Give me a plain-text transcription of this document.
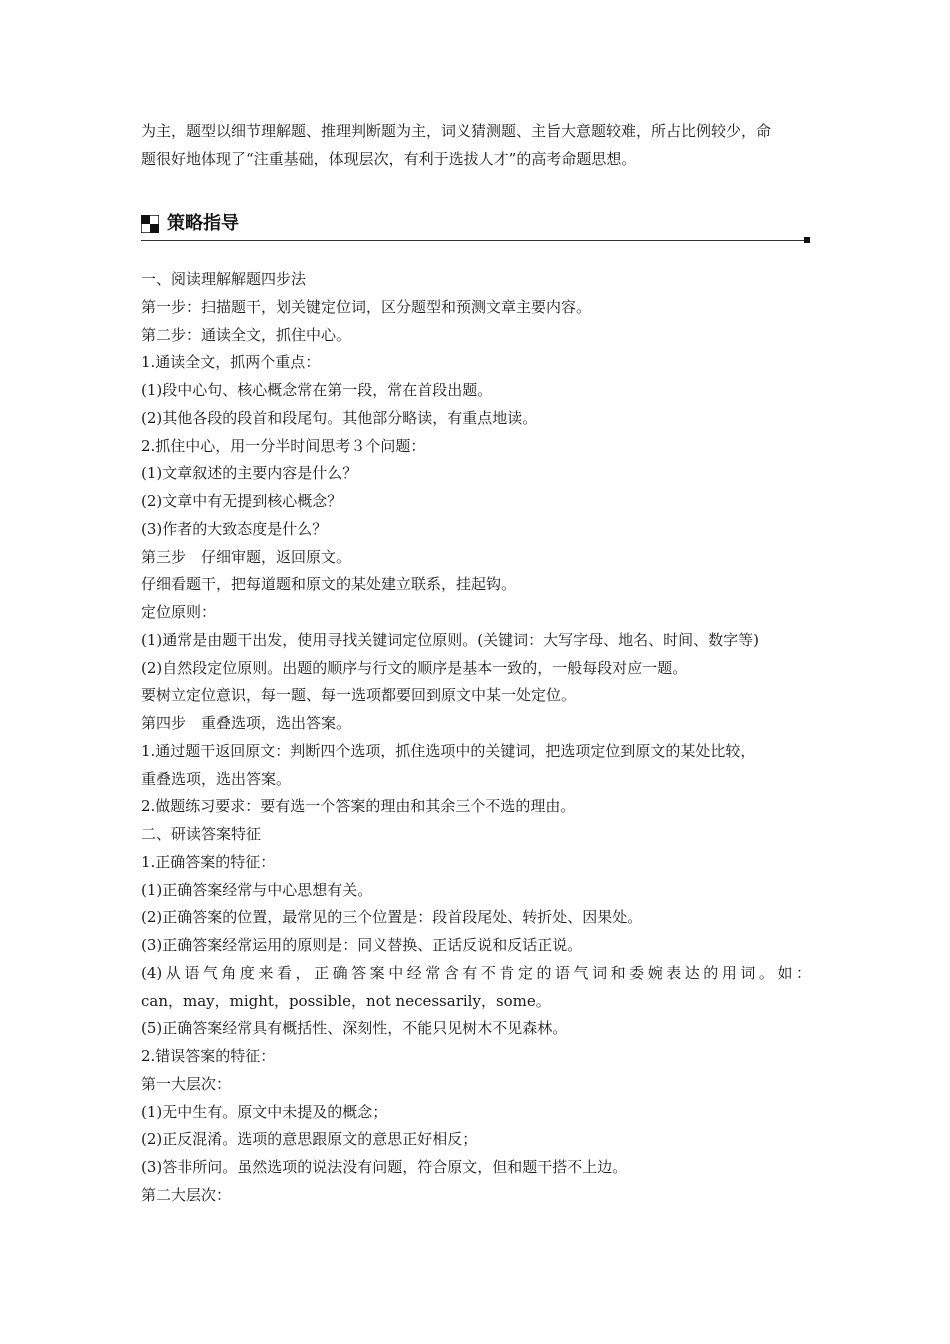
为主，题型以细节理解题、推理判断题为主，词义猜测题、主旨大意题较难，所占比例较少，命

题很好地体现了“注重基础，体现层次，有利于选拔人才”的高考命题思想。

策略指导

一、阅读理解解题四步法

第一步：扫描题干，划关键定位词，区分题型和预测文章主要内容。

第二步：通读全文，抓住中心。

1.通读全文，抓两个重点：

(1)段中心句、核心概念常在第一段，常在首段出题。

(2)其他各段的段首和段尾句。其他部分略读，有重点地读。

2.抓住中心，用一分半时间思考３个问题：

(1)文章叙述的主要内容是什么？

(2)文章中有无提到核心概念？

(3)作者的大致态度是什么？

第三步　仔细审题，返回原文。

仔细看题干，把每道题和原文的某处建立联系，挂起钩。

定位原则：

(1)通常是由题干出发，使用寻找关键词定位原则。(关键词：大写字母、地名、时间、数字等)

(2)自然段定位原则。出题的顺序与行文的顺序是基本一致的，一般每段对应一题。

要树立定位意识，每一题、每一选项都要回到原文中某一处定位。

第四步　重叠选项，选出答案。

1.通过题干返回原文：判断四个选项，抓住选项中的关键词，把选项定位到原文的某处比较，

重叠选项，选出答案。

2.做题练习要求：要有选一个答案的理由和其余三个不选的理由。

二、研读答案特征

1.正确答案的特征：

(1)正确答案经常与中心思想有关。

(2)正确答案的位置，最常见的三个位置是：段首段尾处、转折处、因果处。

(3)正确答案经常运用的原则是：同义替换、正话反说和反话正说。

(4)从语气角度来看，正确答案中经常含有不肯定的语气词和委婉表达的用词。如：

can，may，might，possible，not necessarily，some。

(5)正确答案经常具有概括性、深刻性，不能只见树木不见森林。

2.错误答案的特征：

第一大层次：

(1)无中生有。原文中未提及的概念；

(2)正反混淆。选项的意思跟原文的意思正好相反；

(3)答非所问。虽然选项的说法没有问题，符合原文，但和题干搭不上边。

第二大层次：
